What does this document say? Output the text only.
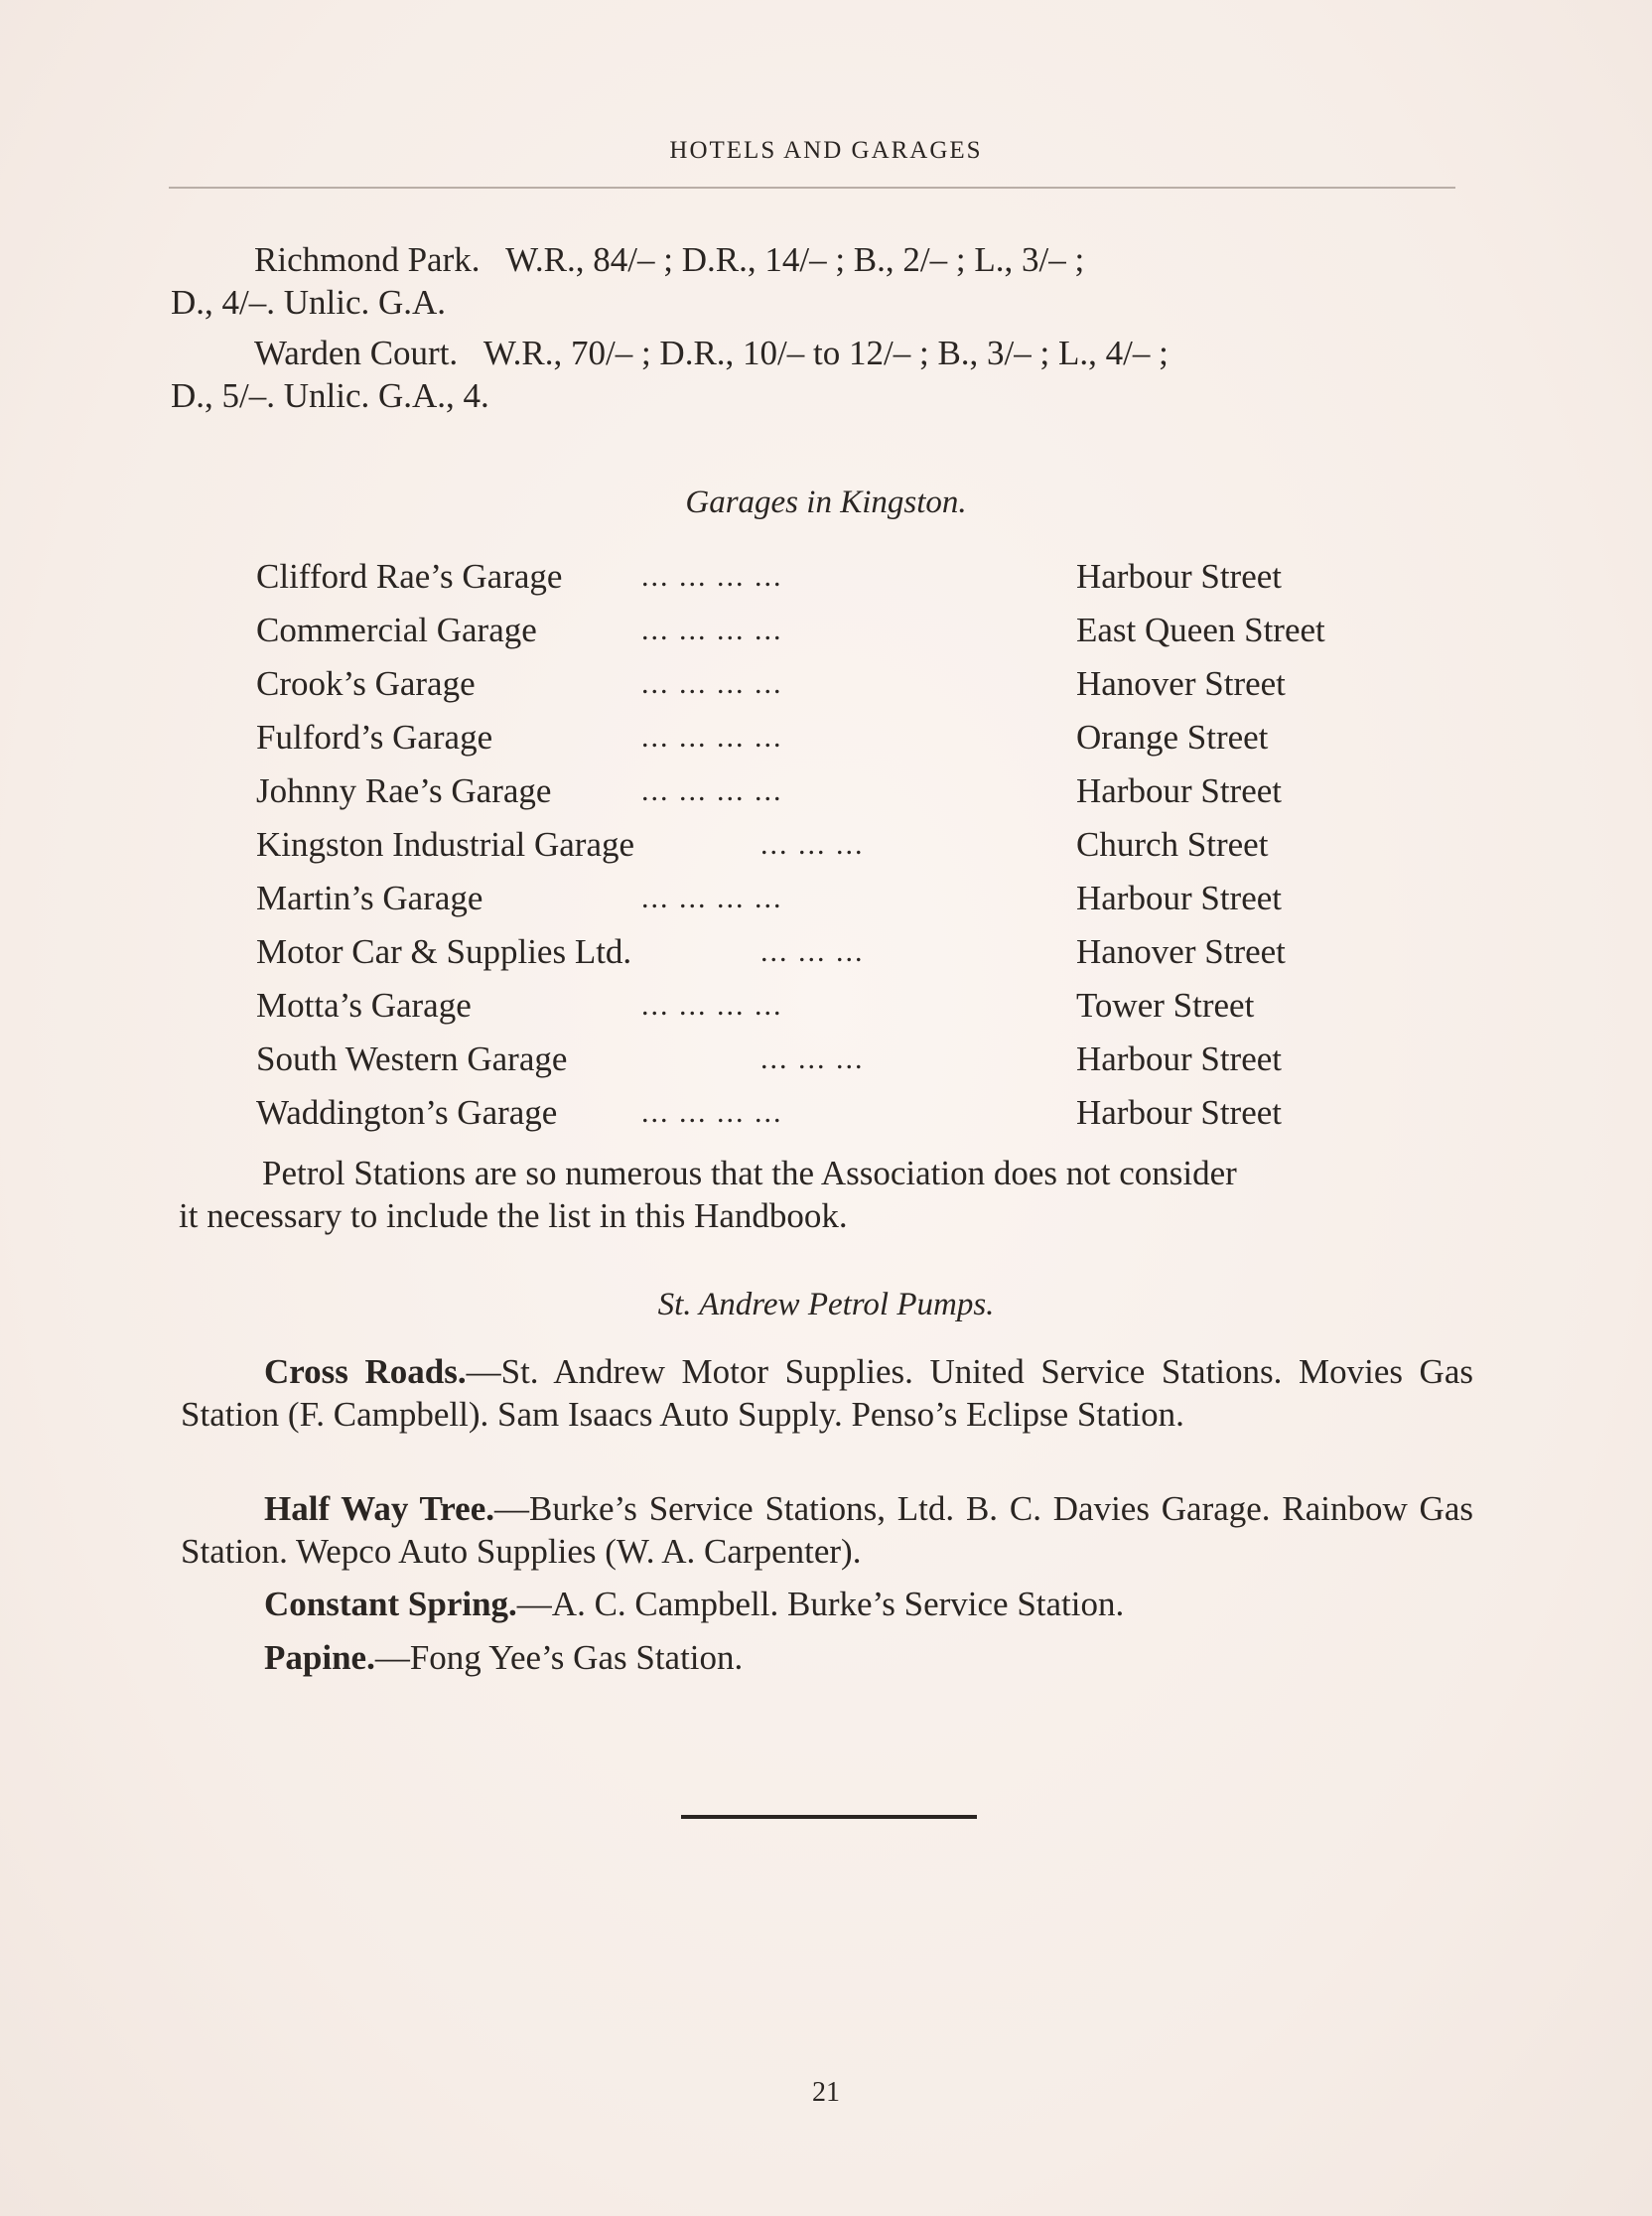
HOTELS AND GARAGES
Richmond Park. W.R., 84/– ; D.R., 14/– ; B., 2/– ; L., 3/– ;
D., 4/–. Unlic. G.A.
Warden Court. W.R., 70/– ; D.R., 10/– to 12/– ; B., 3/– ; L., 4/– ;
D., 5/–. Unlic. G.A., 4.
Garages in Kingston.
Clifford Rae’s Garage	... ... ... ...	Harbour Street
Commercial Garage	... ... ... ...	East Queen Street
Crook’s Garage	... ... ... ...	Hanover Street
Fulford’s Garage	... ... ... ...	Orange Street
Johnny Rae’s Garage	... ... ... ...	Harbour Street
Kingston Industrial Garage	... ... ...	Church Street
Martin’s Garage	... ... ... ...	Harbour Street
Motor Car & Supplies Ltd.	... ... ...	Hanover Street
Motta’s Garage	... ... ... ...	Tower Street
South Western Garage	... ... ...	Harbour Street
Waddington’s Garage	... ... ... ...	Harbour Street
Petrol Stations are so numerous that the Association does not consider
it necessary to include the list in this Handbook.
St. Andrew Petrol Pumps.
Cross Roads.—St. Andrew Motor Supplies. United Service Stations. Movies Gas Station (F. Campbell). Sam Isaacs Auto Supply. Penso’s Eclipse Station.
Half Way Tree.—Burke’s Service Stations, Ltd. B. C. Davies Garage. Rainbow Gas Station. Wepco Auto Supplies (W. A. Carpenter).
Constant Spring.—A. C. Campbell. Burke’s Service Station.
Papine.—Fong Yee’s Gas Station.
21
